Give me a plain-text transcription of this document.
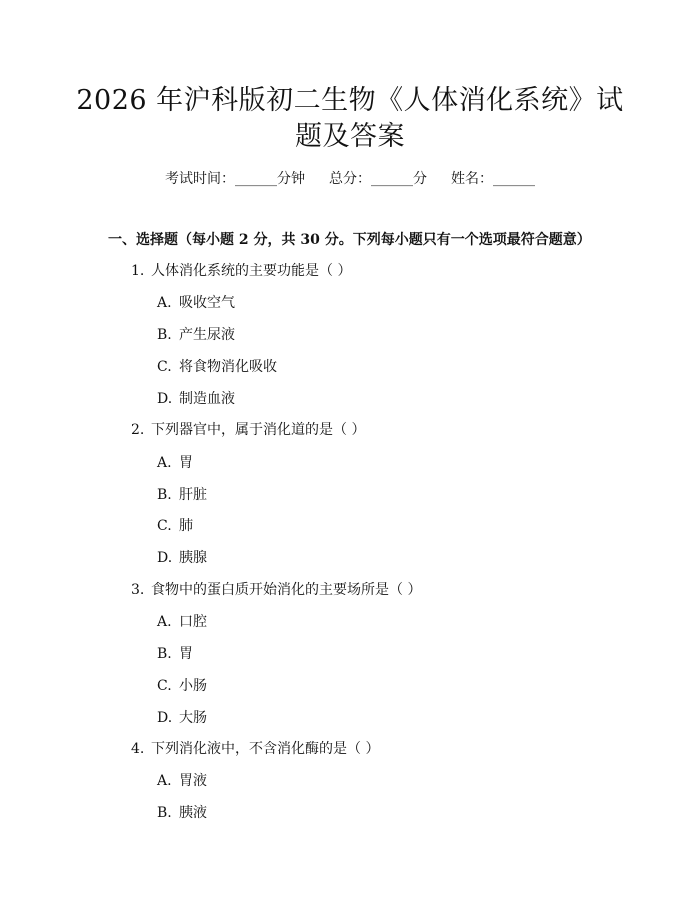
2026 年沪科版初二生物《人体消化系统》试
题及答案
考试时间：______分钟 总分：______分 姓名：______
一、选择题（每小题 2 分，共 30 分。下列每小题只有一个选项最符合题意）
1. 人体消化系统的主要功能是（ ）
A. 吸收空气
B. 产生尿液
C. 将食物消化吸收
D. 制造血液
2. 下列器官中，属于消化道的是（ ）
A. 胃
B. 肝脏
C. 肺
D. 胰腺
3. 食物中的蛋白质开始消化的主要场所是（ ）
A. 口腔
B. 胃
C. 小肠
D. 大肠
4. 下列消化液中，不含消化酶的是（ ）
A. 胃液
B. 胰液
